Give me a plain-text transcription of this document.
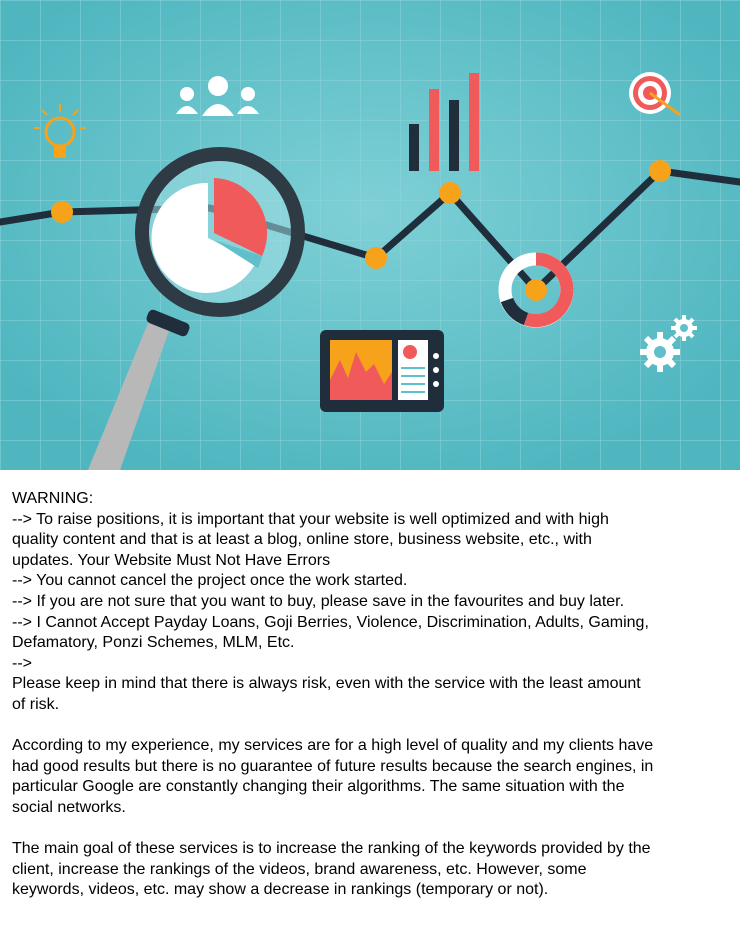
WARNING:
--> To raise positions, it is important that your website is well optimized and with high
quality content and that is at least a blog, online store, business website, etc., with
updates. Your Website Must Not Have Errors
--> You cannot cancel the project once the work started.
--> If you are not sure that you want to buy, please save in the favourites and buy later.
--> I Cannot Accept Payday Loans, Goji Berries, Violence, Discrimination, Adults, Gaming,
Defamatory, Ponzi Schemes, MLM, Etc.
-->
Please keep in mind that there is always risk, even with the service with the least amount
of risk.
According to my experience, my services are for a high level of quality and my clients have
had good results but there is no guarantee of future results because the search engines, in
particular Google are constantly changing their algorithms. The same situation with the
social networks.
The main goal of these services is to increase the ranking of the keywords provided by the
client, increase the rankings of the videos, brand awareness, etc. However, some
keywords, videos, etc. may show a decrease in rankings (temporary or not).
